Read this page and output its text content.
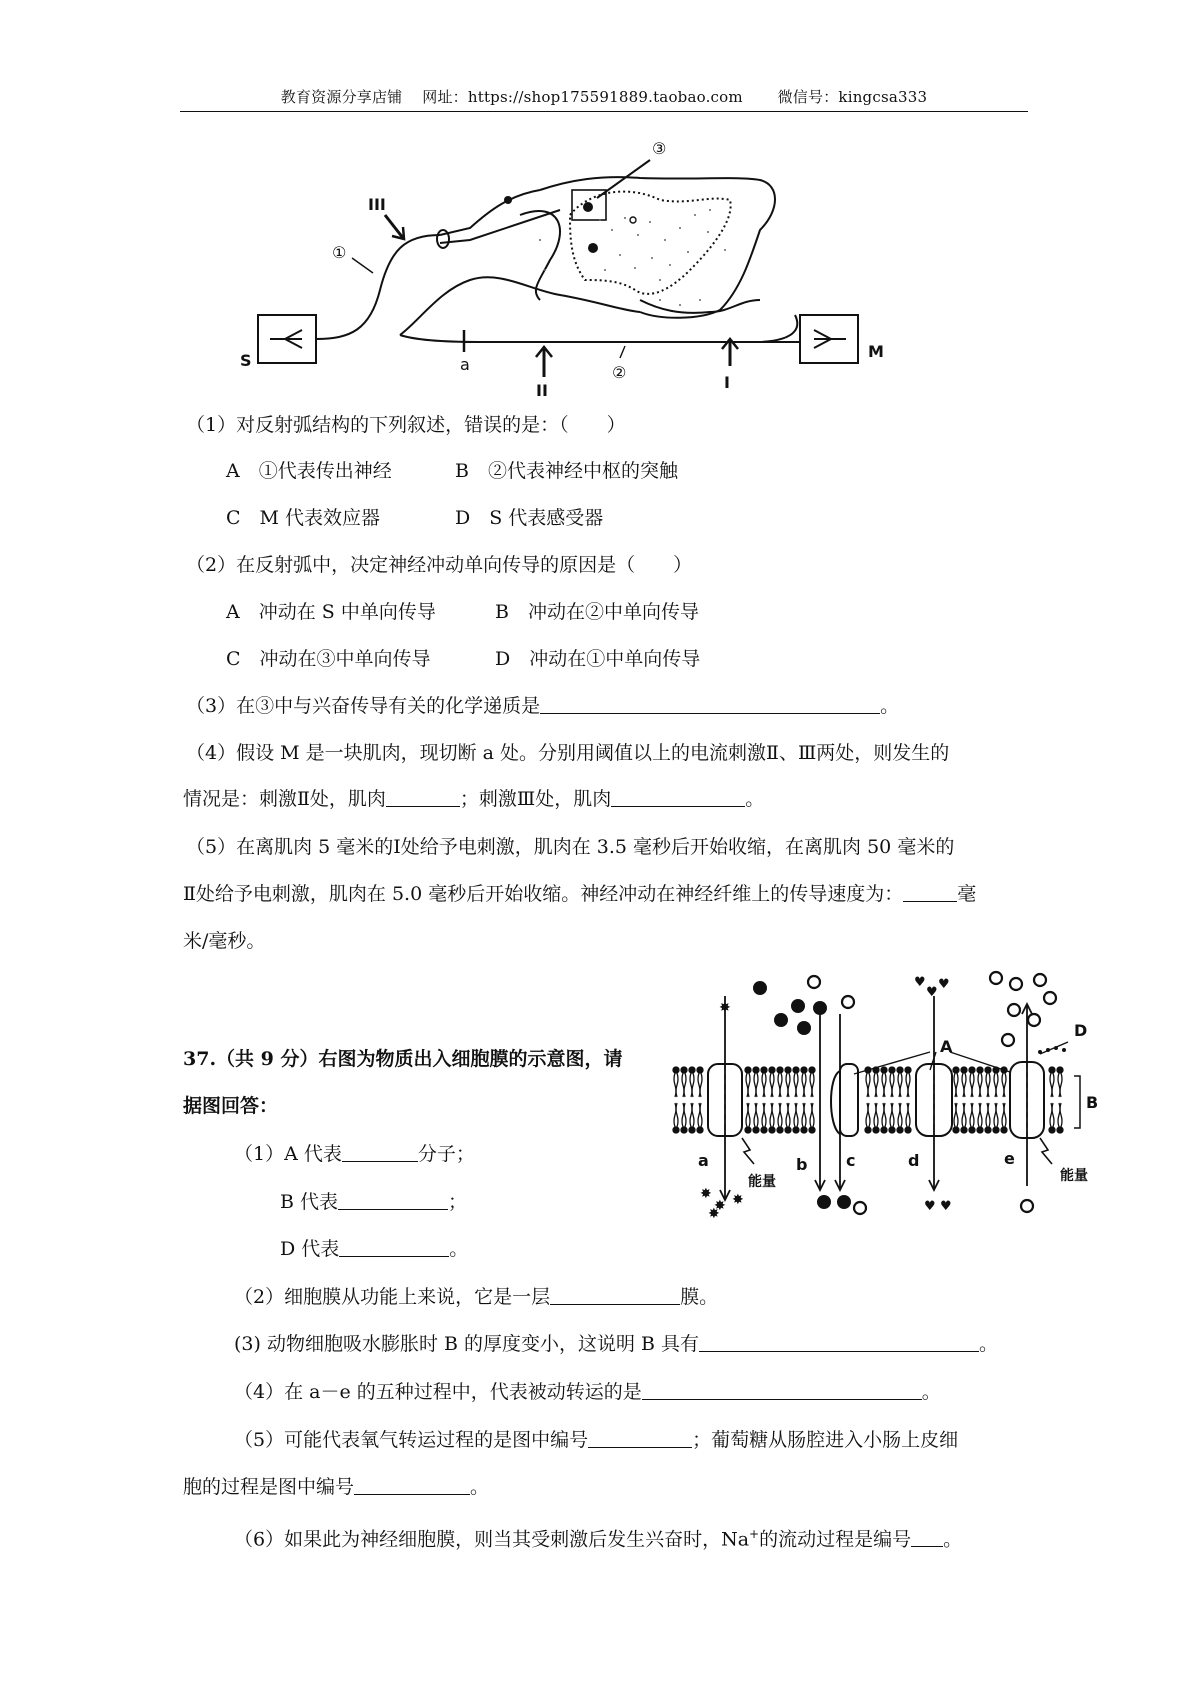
教育资源分享店铺 网址：https://shop175591889.taobao.com 微信号：kingcsa333
③
III
①
S	a
II
②
I
M
（1）对反射弧结构的下列叙述，错误的是：（　　）
A　①代表传出神经	B　②代表神经中枢的突触
C　M 代表效应器	D　S 代表感受器
（2）在反射弧中，决定神经冲动单向传导的原因是（　　）
A　冲动在 S 中单向传导	B　冲动在②中单向传导
C　冲动在③中单向传导	D　冲动在①中单向传导
（3）在③中与兴奋传导有关的化学递质是	。
（4）假设 M 是一块肌肉，现切断 a 处。分别用阈值以上的电流刺激Ⅱ、Ⅲ两处，则发生的
情况是：刺激Ⅱ处，肌肉	；刺激Ⅲ处，肌肉	。
（5）在离肌肉 5 毫米的Ⅰ处给予电刺激，肌肉在 3.5 毫秒后开始收缩，在离肌肉 50 毫米的
Ⅱ处给予电刺激，肌肉在 5.0 毫秒后开始收缩。神经冲动在神经纤维上的传导速度为：	毫
米/毫秒。
37.（共 9 分）右图为物质出入细胞膜的示意图，请
据图回答：
（1）A 代表	分子；
B 代表	；
D 代表	。
（2）细胞膜从功能上来说，它是一层	膜。
(3) 动物细胞吸水膨胀时 B 的厚度变小，这说明 B 具有	。
（4）在 a－e 的五种过程中，代表被动转运的是	。
（5）可能代表氧气转运过程的是图中编号	；葡萄糖从肠腔进入小肠上皮细
胞的过程是图中编号	。
（6）如果此为神经细胞膜，则当其受刺激后发生兴奋时，Na+的流动过程是编号 。
✸
✸
✸ ✸
✸
♥
♥
♥
♥ ♥
A
B
D
a	b c	d	e
能量	能量
